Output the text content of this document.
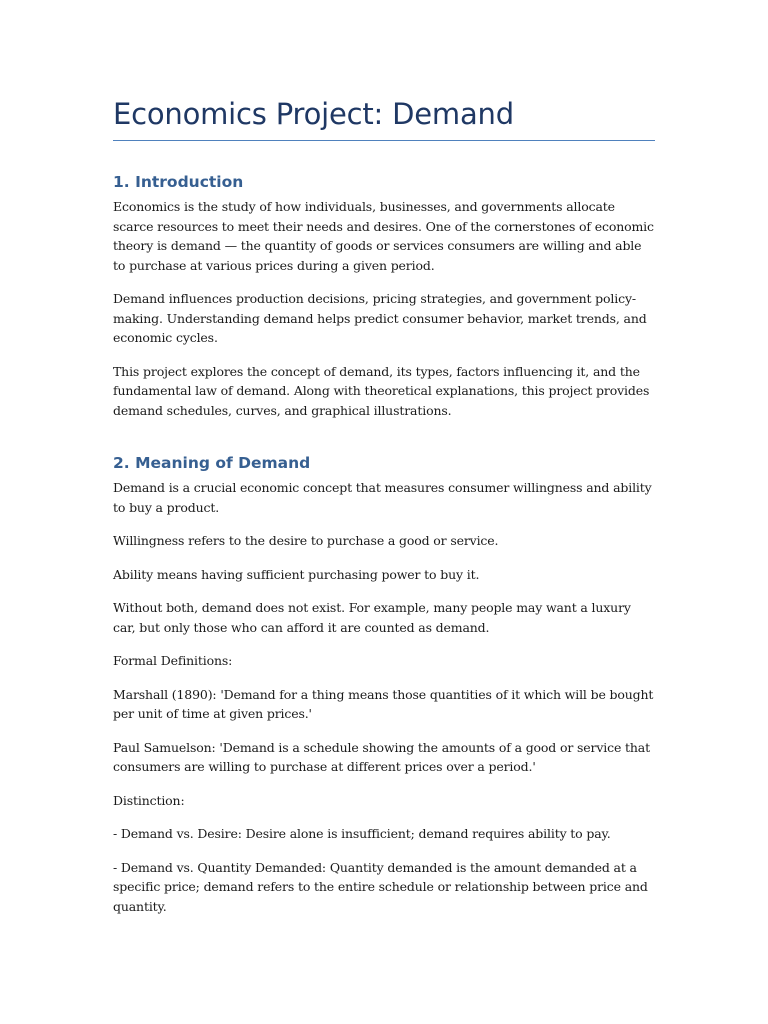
Economics Project: Demand
1. Introduction

Economics is the study of how individuals, businesses, and governments allocate scarce resources to meet their needs and desires. One of the cornerstones of economic theory is demand — the quantity of goods or services consumers are willing and able to purchase at various prices during a given period.

Demand influences production decisions, pricing strategies, and government policy-making. Understanding demand helps predict consumer behavior, market trends, and economic cycles.

This project explores the concept of demand, its types, factors influencing it, and the fundamental law of demand. Along with theoretical explanations, this project provides demand schedules, curves, and graphical illustrations.

2. Meaning of Demand

Demand is a crucial economic concept that measures consumer willingness and ability to buy a product.

Willingness refers to the desire to purchase a good or service.

Ability means having sufficient purchasing power to buy it.

Without both, demand does not exist. For example, many people may want a luxury car, but only those who can afford it are counted as demand.

Formal Definitions:

Marshall (1890): 'Demand for a thing means those quantities of it which will be bought per unit of time at given prices.'

Paul Samuelson: 'Demand is a schedule showing the amounts of a good or service that consumers are willing to purchase at different prices over a period.'

Distinction:

- Demand vs. Desire: Desire alone is insufficient; demand requires ability to pay.

- Demand vs. Quantity Demanded: Quantity demanded is the amount demanded at a specific price; demand refers to the entire schedule or relationship between price and quantity.
